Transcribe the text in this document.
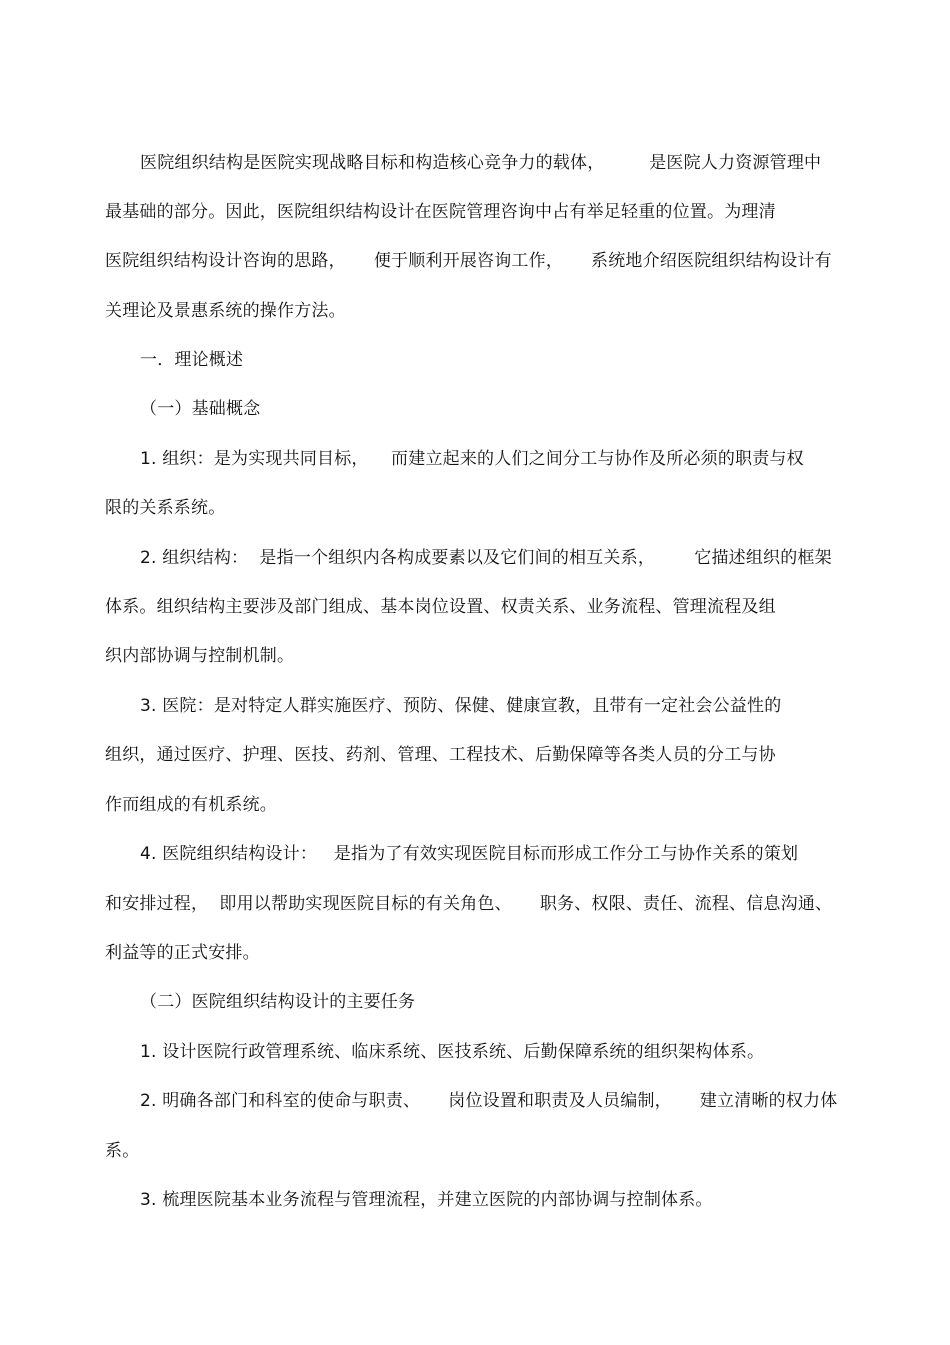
医院组织结构是医院实现战略目标和构造核心竞争力的载体，        是医院人力资源管理中
最基础的部分。因此，医院组织结构设计在医院管理咨询中占有举足轻重的位置。为理清
医院组织结构设计咨询的思路，     便于顺利开展咨询工作，     系统地介绍医院组织结构设计有
关理论及景惠系统的操作方法。
一．理论概述
（一）基础概念
1. 组织：是为实现共同目标，    而建立起来的人们之间分工与协作及所必须的职责与权
限的关系系统。
2. 组织结构：  是指一个组织内各构成要素以及它们间的相互关系，       它描述组织的框架
体系。组织结构主要涉及部门组成、基本岗位设置、权责关系、业务流程、管理流程及组
织内部协调与控制机制。
3. 医院：是对特定人群实施医疗、预防、保健、健康宣教，且带有一定社会公益性的
组织，通过医疗、护理、医技、药剂、管理、工程技术、后勤保障等各类人员的分工与协
作而组成的有机系统。
4. 医院组织结构设计：   是指为了有效实现医院目标而形成工作分工与协作关系的策划
和安排过程，  即用以帮助实现医院目标的有关角色、     职务、权限、责任、流程、信息沟通、
利益等的正式安排。
（二）医院组织结构设计的主要任务
1. 设计医院行政管理系统、临床系统、医技系统、后勤保障系统的组织架构体系。
2. 明确各部门和科室的使命与职责、     岗位设置和职责及人员编制，     建立清晰的权力体
系。
3. 梳理医院基本业务流程与管理流程，并建立医院的内部协调与控制体系。
